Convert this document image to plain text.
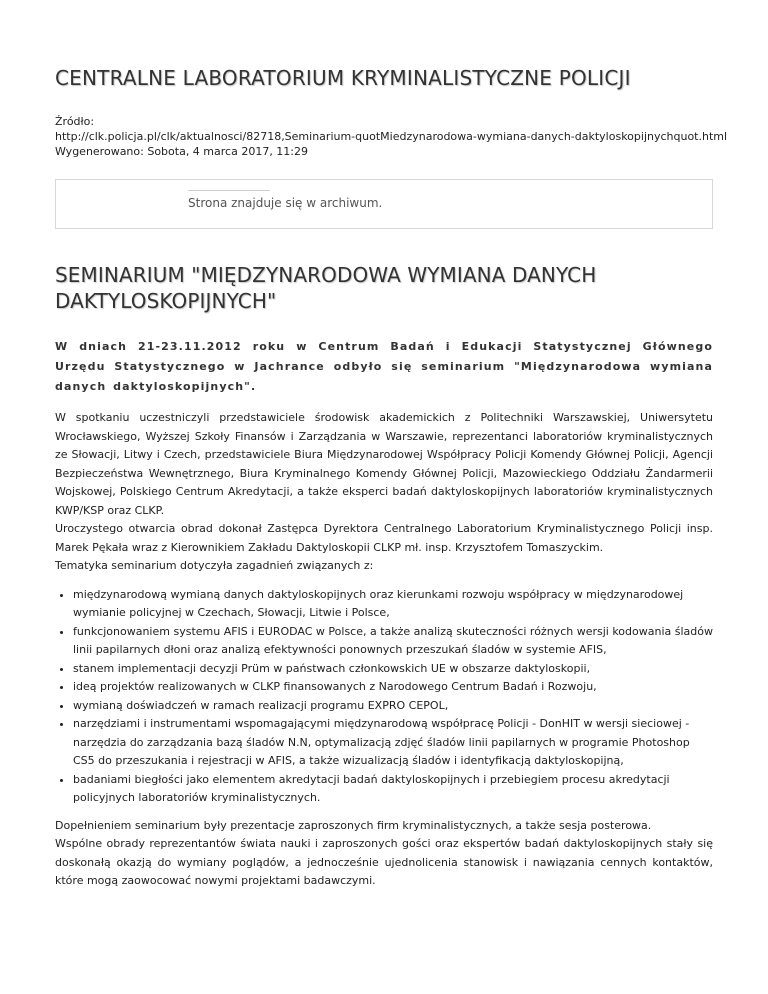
CENTRALNE LABORATORIUM KRYMINALISTYCZNE POLICJI
Źródło:
http://clk.policja.pl/clk/aktualnosci/82718,Seminarium-quotMiedzynarodowa-wymiana-danych-daktyloskopijnychquot.html
Wygenerowano: Sobota, 4 marca 2017, 11:29
Strona znajduje się w archiwum.
SEMINARIUM "MIĘDZYNARODOWA WYMIANA DANYCH DAKTYLOSKOPIJNYCH"

W dniach 21-23.11.2012 roku w Centrum Badań i Edukacji Statystycznej Głównego Urzędu Statystycznego w Jachrance odbyło się seminarium "Międzynarodowa wymiana danych daktyloskopijnych".

W spotkaniu uczestniczyli przedstawiciele środowisk akademickich z Politechniki Warszawskiej, Uniwersytetu Wrocławskiego, Wyższej Szkoły Finansów i Zarządzania w Warszawie, reprezentanci laboratoriów kryminalistycznych ze Słowacji, Litwy i Czech, przedstawiciele Biura Międzynarodowej Współpracy Policji Komendy Głównej Policji, Agencji Bezpieczeństwa Wewnętrznego, Biura Kryminalnego Komendy Głównej Policji, Mazowieckiego Oddziału Żandarmerii Wojskowej, Polskiego Centrum Akredytacji, a także eksperci badań daktyloskopijnych laboratoriów kryminalistycznych KWP/KSP oraz CLKP.

Uroczystego otwarcia obrad dokonał Zastępca Dyrektora Centralnego Laboratorium Kryminalistycznego Policji insp. Marek Pękała wraz z Kierownikiem Zakładu Daktyloskopii CLKP mł. insp. Krzysztofem Tomaszyckim.

Tematyka seminarium dotyczyła zagadnień związanych z:

• międzynarodową wymianą danych daktyloskopijnych oraz kierunkami rozwoju współpracy w międzynarodowej wymianie policyjnej w Czechach, Słowacji, Litwie i Polsce,
• funkcjonowaniem systemu AFIS i EURODAC w Polsce, a także analizą skuteczności różnych wersji kodowania śladów linii papilarnych dłoni oraz analizą efektywności ponownych przeszukań śladów w systemie AFIS,
• stanem implementacji decyzji Prüm w państwach członkowskich UE w obszarze daktyloskopii,
• ideą projektów realizowanych w CLKP finansowanych z Narodowego Centrum Badań i Rozwoju,
• wymianą doświadczeń w ramach realizacji programu EXPRO CEPOL,
• narzędziami i instrumentami wspomagającymi międzynarodową współpracę Policji - DonHIT w wersji sieciowej - narzędzia do zarządzania bazą śladów N.N, optymalizacją zdjęć śladów linii papilarnych w programie Photoshop CS5 do przeszukania i rejestracji w AFIS, a także wizualizacją śladów i identyfikacją daktyloskopijną,
• badaniami biegłości jako elementem akredytacji badań daktyloskopijnych i przebiegiem procesu akredytacji policyjnych laboratoriów kryminalistycznych.

Dopełnieniem seminarium były prezentacje zaproszonych firm kryminalistycznych, a także sesja posterowa.

Wspólne obrady reprezentantów świata nauki i zaproszonych gości oraz ekspertów badań daktyloskopijnych stały się doskonałą okazją do wymiany poglądów, a jednocześnie ujednolicenia stanowisk i nawiązania cennych kontaktów, które mogą zaowocować nowymi projektami badawczymi.
